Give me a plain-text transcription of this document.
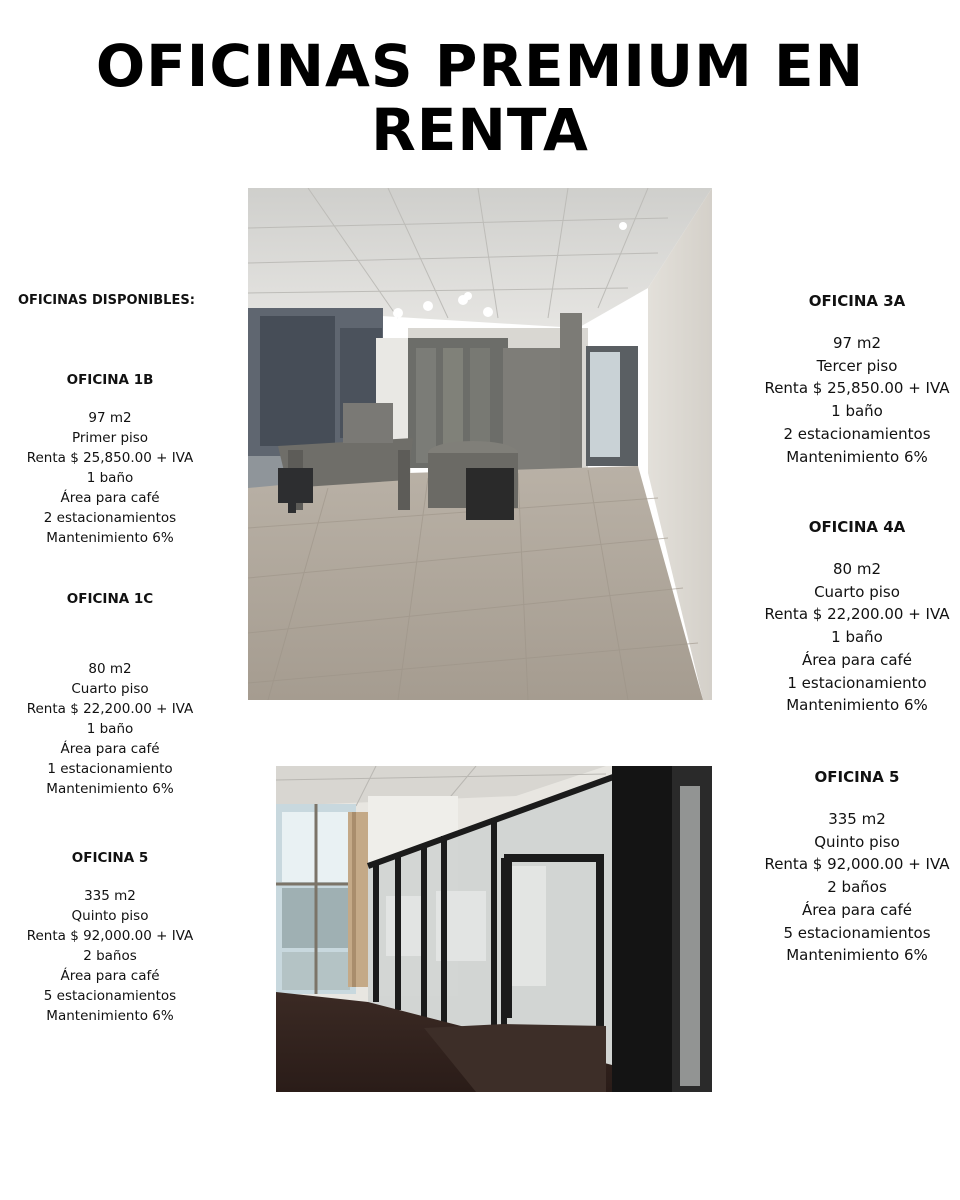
OFICINAS PREMIUM EN RENTA
OFICINAS DISPONIBLES:
OFICINA 1B
97 m2
Primer piso
Renta $ 25,850.00 + IVA
1 baño
Área para café
2 estacionamientos
Mantenimiento 6%
OFICINA 1C
80 m2
Cuarto piso
Renta $ 22,200.00 + IVA
1 baño
Área para café
1 estacionamiento
Mantenimiento 6%
OFICINA 5
335 m2
Quinto piso
Renta $ 92,000.00 + IVA
2 baños
Área para café
5 estacionamientos
Mantenimiento 6%
OFICINA 3A
97 m2
Tercer piso
Renta $ 25,850.00 + IVA
1 baño
2 estacionamientos
Mantenimiento 6%
OFICINA 4A
80 m2
Cuarto piso
Renta $ 22,200.00 + IVA
1 baño
Área para café
1 estacionamiento
Mantenimiento 6%
OFICINA 5
335 m2
Quinto piso
Renta $ 92,000.00 + IVA
2 baños
Área para café
5 estacionamientos
Mantenimiento 6%
